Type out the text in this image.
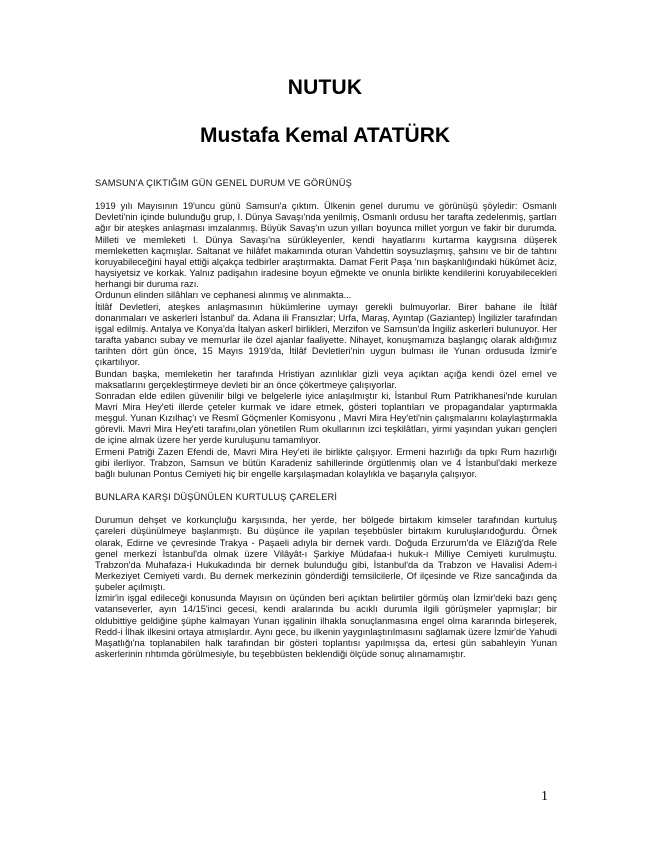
NUTUK
Mustafa Kemal ATATÜRK
SAMSUN'A ÇIKTIĞIM GÜN GENEL DURUM VE GÖRÜNÜŞ

1919 yılı Mayısının 19'uncu günü Samsun'a çıktım. Ülkenin genel durumu ve görünüşü şöyledir: Osmanlı Devleti'nin içinde bulunduğu grup, I. Dünya Savaşı'nda yenilmiş, Osmanlı ordusu her tarafta zedelenmiş, şartları ağır bir ateşkes anlaşması imzalanmış. Büyük Savaş'ın uzun yılları boyunca millet yorgun ve fakir bir durumda. Milleti ve memleketi I. Dünya Savaşı'na sürükleyenler, kendi hayatlarını kurtarma kaygısına düşerek memleketten kaçmışlar. Saltanat ve hilâfet makamında oturan Vahdettin soysuzlaşmış, şahsını ve bir de tahtını koruyabileceğini hayal ettiği alçakça tedbirler araştırmakta. Damat Ferit Paşa 'nın başkanlığındaki hükûmet âciz, haysiyetsiz ve korkak. Yalnız padişahın iradesine boyun eğmekte ve onunla birlikte kendilerini koruyabilecekleri herhangi bir duruma razı.

Ordunun elinden silâhları ve cephanesi alınmış ve alınmakta...

İtilâf Devletleri, ateşkes anlaşmasının hükümlerine uymayı gerekli bulmuyorlar. Birer bahane ile İtilâf donanmaları ve askerleri İstanbul' da. Adana ili Fransızlar; Urfa, Maraş, Ayıntap (Gaziantep) İngilizler tarafından işgal edilmiş. Antalya ve Konya'da İtalyan askerî birlikleri, Merzifon ve Samsun'da İngiliz askerleri bulunuyor. Her tarafta yabancı subay ve memurlar ile özel ajanlar faaliyette. Nihayet, konuşmamıza başlangıç olarak aldığımız tarihten dört gün önce, 15 Mayıs 1919'da, İtilâf Devletleri'nin uygun bulması ile Yunan ordusuda İzmir'e çıkartılıyor.

Bundan başka, memleketin her tarafında Hristiyan azınlıklar gizli veya açıktan açığa kendi özel emel ve maksatlarını gerçekleştirmeye devleti bir an önce çökertmeye çalışıyorlar.

Sonradan elde edilen güvenilir bilgi ve belgelerle iyice anlaşılmıştır ki, İstanbul Rum Patrikhanesi'nde kurulan Mavri Mira Hey'eti illerde çeteler kurmak ve idare etmek, gösteri toplantıları ve propagandalar yaptırmakla meşgul. Yunan Kızılhaç'ı ve Resmî Göçmenler Komisyonu , Mavri Mira Hey'eti'nin çalışmalarını kolaylaştırmakla görevli. Mavri Mira Hey'eti tarafını,olan yönetilen Rum okullarının izci teşkilâtları, yirmi yaşından yukarı gençleri de içine almak üzere her yerde kuruluşunu tamamlıyor.

Ermeni Patriği Zazen Efendi de, Mavri Mira Hey'eti ile birlikte çalışıyor. Ermeni hazırlığı da tıpkı Rum hazırlığı gibi ilerliyor. Trabzon, Samsun ve bütün Karadeniz sahillerinde örgütlenmiş olan ve 4 İstanbul'daki merkeze bağlı bulunan Pontus Cemiyeti hiç bir engelle karşılaşmadan kolaylıkla ve başarıyla çalışıyor.

BUNLARA KARŞI DÜŞÜNÜLEN KURTULUŞ ÇARELERİ

Durumun dehşet ve korkunçluğu karşısında, her yerde, her bölgede birtakım kimseler tarafından kurtuluş çareleri düşünülmeye başlanmıştı. Bu düşünce ile yapılan teşebbüsler birtakım kuruluşlarıdoğurdu. Örnek olarak, Edirne ve çevresinde Trakya - Paşaeli adıyla bir dernek vardı. Doğuda Erzurum'da ve Elâzığ'da Rele genel merkezi İstanbul'da olmak üzere Vilâyât-ı Şarkiye Müdafaa-i hukuk-ı Milliye Cemiyeti kurulmuştu. Trabzon'da Muhafaza-i Hukukadında bir dernek bulunduğu gibi, İstanbul'da da Trabzon ve Havalisi Adem-i Merkeziyet Cemiyeti vardı. Bu dernek merkezinin gönderdiği temsilcilerle, Of ilçesinde ve Rize sancağında da şubeler açılmıştı.

İzmir'in işgal edileceği konusunda Mayısın on üçünden beri açıktan belirtiler görmüş olan İzmir'deki bazı genç vatanseverler, ayın 14/15'inci gecesi, kendi aralarında bu acıklı durumla ilgili görüşmeler yapmışlar; bir oldubittiye geldiğine şüphe kalmayan Yunan işgalinin ilhakla sonuçlanmasına engel olma kararında birleşerek, Redd-i İlhak ilkesini ortaya atmışlardır. Aynı gece, bu ilkenin yaygınlaştırılmasını sağlamak üzere İzmir'de Yahudi Maşatlığı'na toplanabilen halk tarafından bir gösteri toplantısı yapılmışsa da, ertesi gün sabahleyin Yunan askerlerinin rıhtımda görülmesiyle, bu teşebbüsten beklendiği ölçüde sonuç alınamamıştır.

1
